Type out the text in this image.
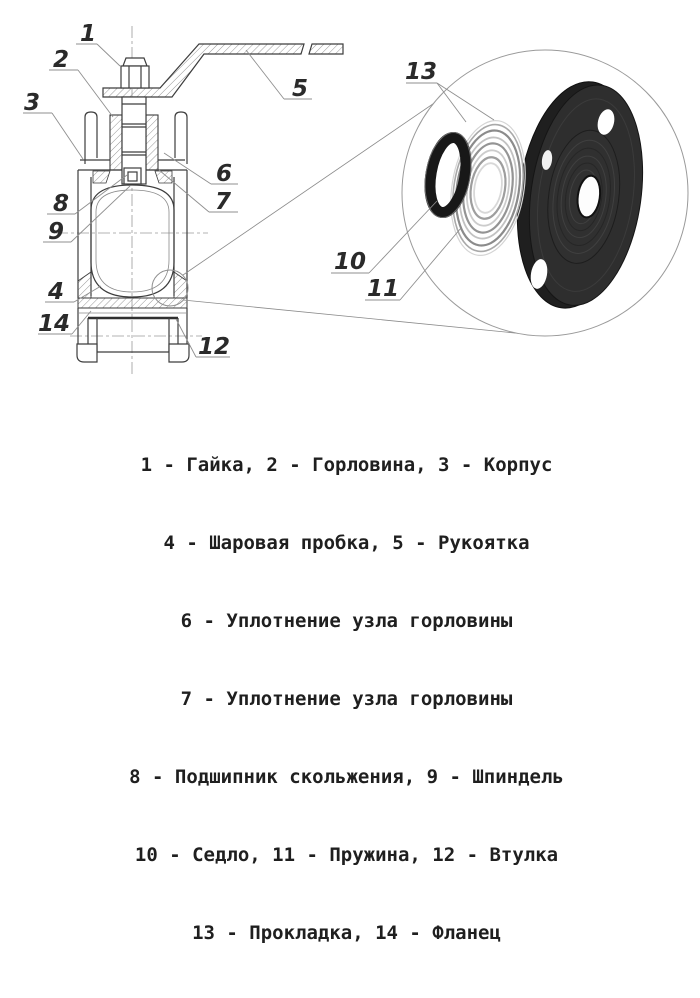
1
2
3
5
6
7
8
9
4
14
12
13
10
11

1 - Гайка, 2 - Горловина, 3 - Корпус

4 - Шаровая пробка, 5 - Рукоятка

6 - Уплотнение узла горловины

7 - Уплотнение узла горловины

8 - Подшипник скольжения, 9 - Шпиндель

10 - Седло, 11 - Пружина, 12 - Втулка

13 - Прокладка, 14 - Фланец
